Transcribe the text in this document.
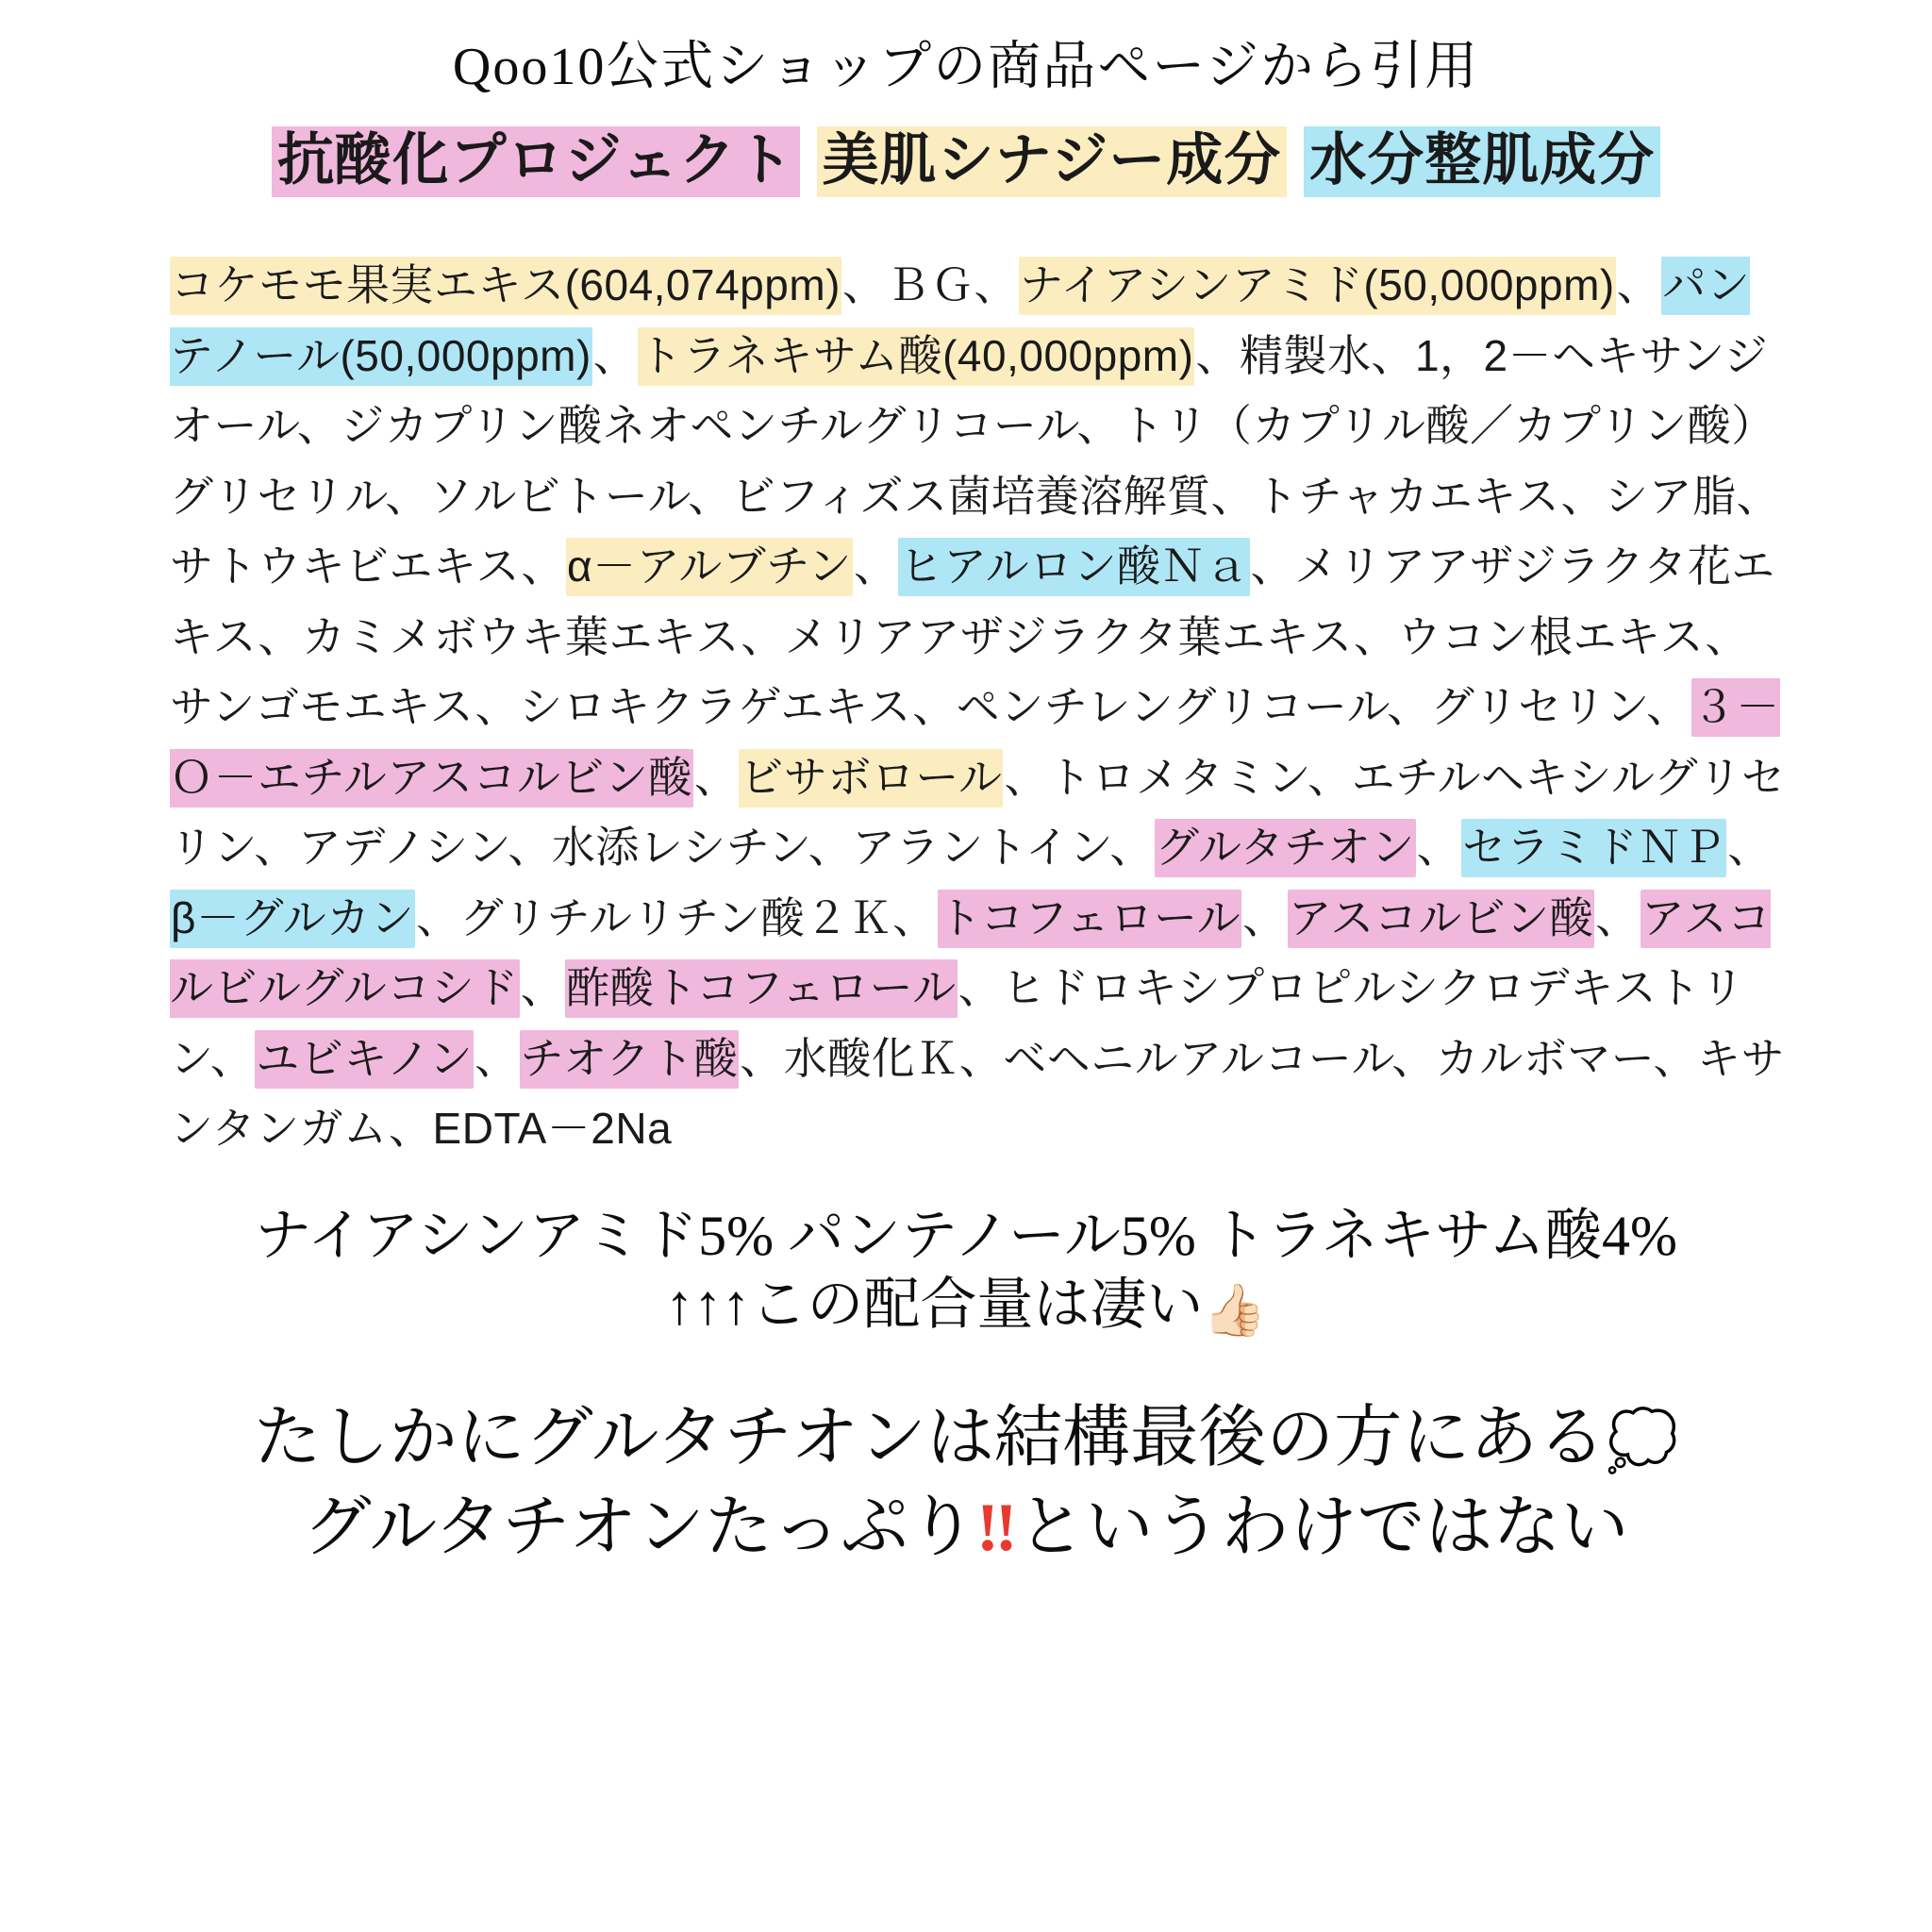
Qoo10公式ショップの商品ページから引用
抗酸化プロジェクト 美肌シナジー成分 水分整肌成分
コケモモ果実エキス(604,074ppm)、ＢＧ、ナイアシンアミド(50,000ppm)、パンテノール(50,000ppm)、トラネキサム酸(40,000ppm)、精製水、1，2－ヘキサンジオール、ジカプリン酸ネオペンチルグリコール、トリ（カプリル酸／カプリン酸）グリセリル、ソルビトール、ビフィズス菌培養溶解質、トチャカエキス、シア脂、サトウキビエキス、α－アルブチン、ヒアルロン酸Ｎａ、メリアアザジラクタ花エキス、カミメボウキ葉エキス、メリアアザジラクタ葉エキス、ウコン根エキス、サンゴモエキス、シロキクラゲエキス、ペンチレングリコール、グリセリン、３－Ｏ－エチルアスコルビン酸、ビサボロール、トロメタミン、エチルヘキシルグリセリン、アデノシン、水添レシチン、アラントイン、グルタチオン、セラミドＮＰ、β－グルカン、グリチルリチン酸２Ｋ、トコフェロール、アスコルビン酸、アスコルビルグルコシド、酢酸トコフェロール、ヒドロキシプロピルシクロデキストリン、ユビキノン、チオクト酸、水酸化Ｋ、ベヘニルアルコール、カルボマー、キサンタンガム、EDTA－2Na
ナイアシンアミド5% パンテノール5% トラネキサム酸4%
↑↑↑この配合量は凄い👍🏻
たしかにグルタチオンは結構最後の方にある💭
グルタチオンたっぷり‼というわけではない
